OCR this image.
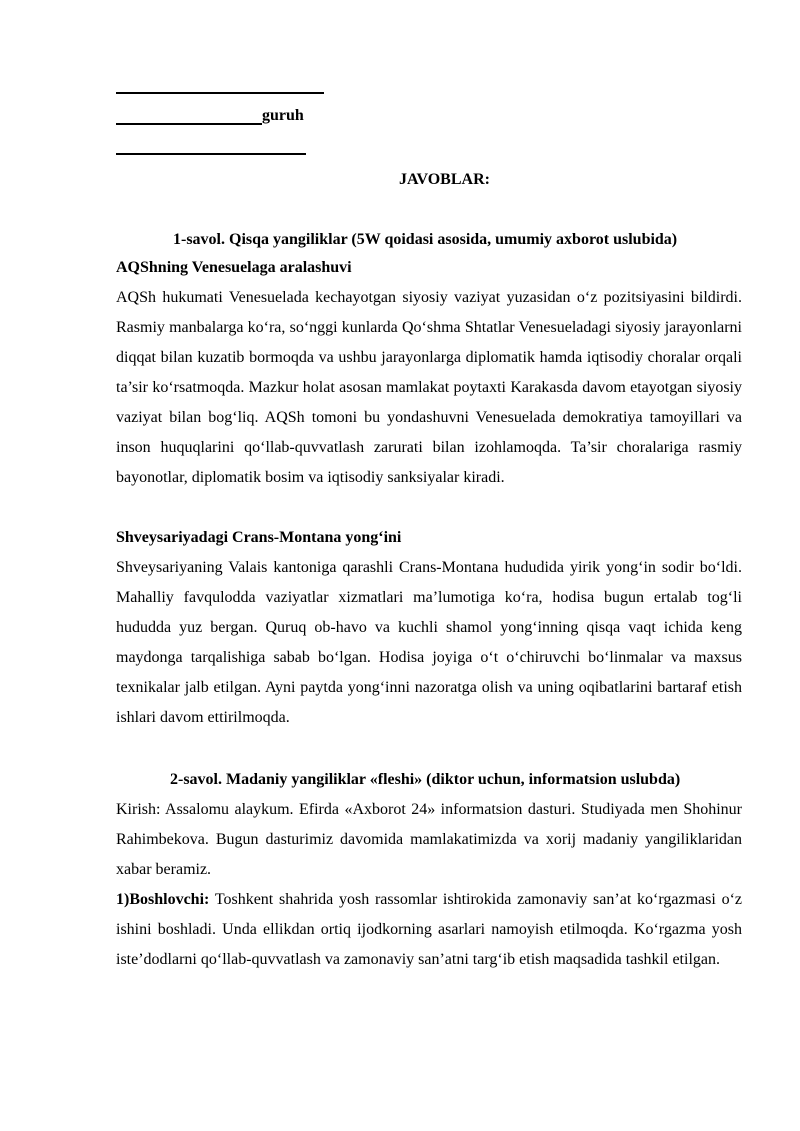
guruh
JAVOBLAR:
1-savol. Qisqa yangiliklar (5W qoidasi asosida, umumiy axborot uslubida)
AQShning Venesuelaga aralashuvi

AQSh hukumati Venesuelada kechayotgan siyosiy vaziyat yuzasidan o‘z pozitsiyasini bildirdi. Rasmiy manbalarga ko‘ra, so‘nggi kunlarda Qo‘shma Shtatlar Venesueladagi siyosiy jarayonlarni diqqat bilan kuzatib bormoqda va ushbu jarayonlarga diplomatik hamda iqtisodiy choralar orqali ta’sir ko‘rsatmoqda. Mazkur holat asosan mamlakat poytaxti Karakasda davom etayotgan siyosiy vaziyat bilan bog‘liq. AQSh tomoni bu yondashuvni Venesuelada demokratiya tamoyillari va inson huquqlarini qo‘llab-quvvatlash zarurati bilan izohlamoqda. Ta’sir choralariga rasmiy bayonotlar, diplomatik bosim va iqtisodiy sanksiyalar kiradi.

Shveysariyadagi Crans-Montana yong‘ini

Shveysariyaning Valais kantoniga qarashli Crans-Montana hududida yirik yong‘in sodir bo‘ldi. Mahalliy favqulodda vaziyatlar xizmatlari ma’lumotiga ko‘ra, hodisa bugun ertalab tog‘li hududda yuz bergan. Quruq ob-havo va kuchli shamol yong‘inning qisqa vaqt ichida keng maydonga tarqalishiga sabab bo‘lgan. Hodisa joyiga o‘t o‘chiruvchi bo‘linmalar va maxsus texnikalar jalb etilgan. Ayni paytda yong‘inni nazoratga olish va uning oqibatlarini bartaraf etish ishlari davom ettirilmoqda.

2-savol. Madaniy yangiliklar «fleshi» (diktor uchun, informatsion uslubda)

Kirish: Assalomu alaykum. Efirda «Axborot 24» informatsion dasturi. Studiyada men Shohinur Rahimbekova. Bugun dasturimiz davomida mamlakatimizda va xorij madaniy yangiliklaridan xabar beramiz.

1)Boshlovchi: Toshkent shahrida yosh rassomlar ishtirokida zamonaviy san’at ko‘rgazmasi o‘z ishini boshladi. Unda ellikdan ortiq ijodkorning asarlari namoyish etilmoqda. Ko‘rgazma yosh iste’dodlarni qo‘llab-quvvatlash va zamonaviy san’atni targ‘ib etish maqsadida tashkil etilgan.
